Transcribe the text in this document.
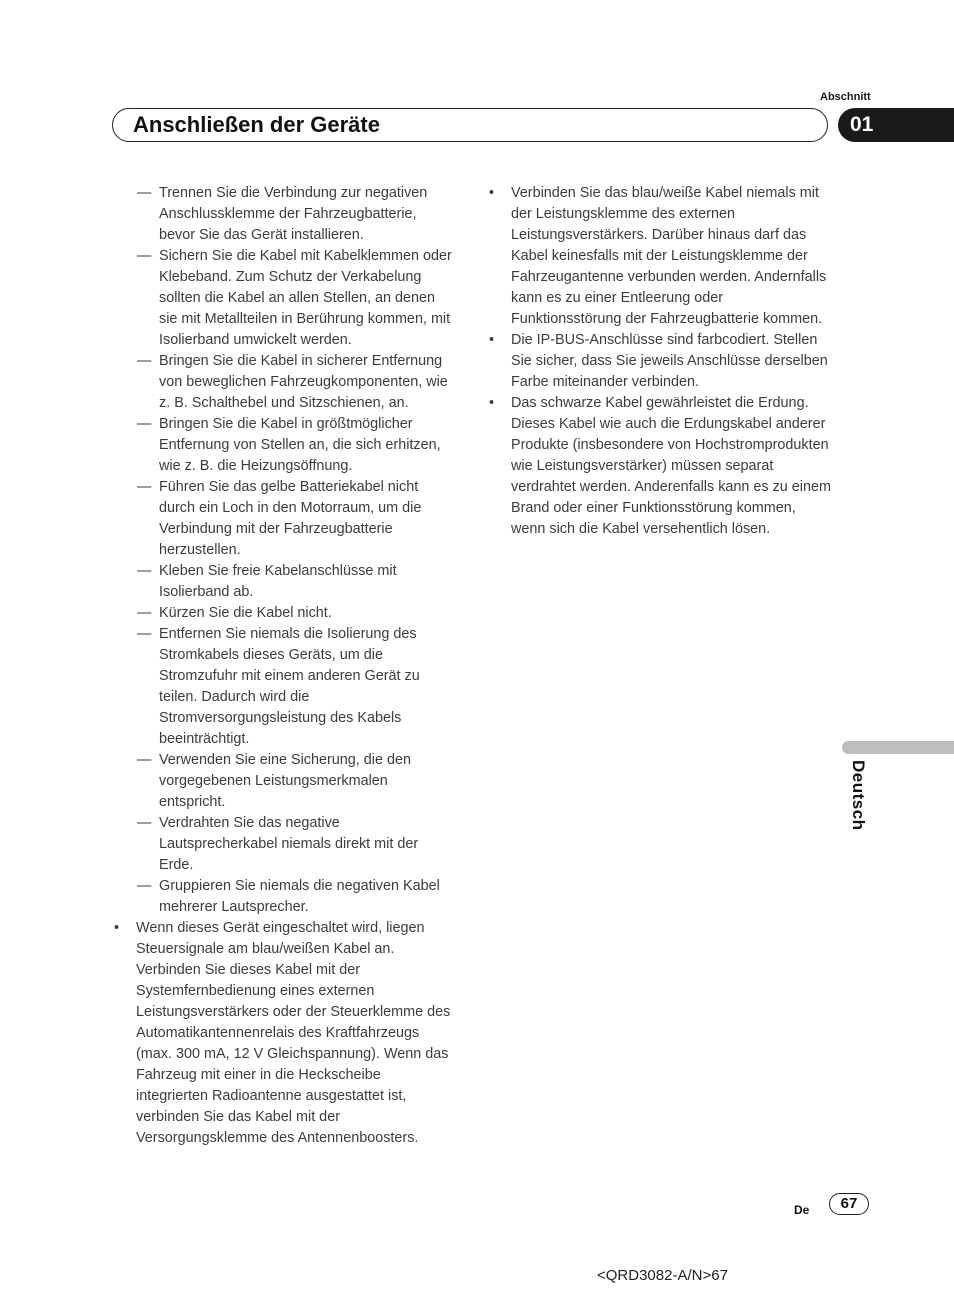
Abschnitt
Anschließen der Geräte	01
— Trennen Sie die Verbindung zur negativen Anschlussklemme der Fahrzeugbatterie, bevor Sie das Gerät installieren.
— Sichern Sie die Kabel mit Kabelklemmen oder Klebeband. Zum Schutz der Verkabelung sollten die Kabel an allen Stellen, an denen sie mit Metallteilen in Berührung kommen, mit Isolierband umwickelt werden.
— Bringen Sie die Kabel in sicherer Entfernung von beweglichen Fahrzeugkomponenten, wie z. B. Schalthebel und Sitzschienen, an.
— Bringen Sie die Kabel in größtmöglicher Entfernung von Stellen an, die sich erhitzen, wie z. B. die Heizungsöffnung.
— Führen Sie das gelbe Batteriekabel nicht durch ein Loch in den Motorraum, um die Verbindung mit der Fahrzeugbatterie herzustellen.
— Kleben Sie freie Kabelanschlüsse mit Isolierband ab.
— Kürzen Sie die Kabel nicht.
— Entfernen Sie niemals die Isolierung des Stromkabels dieses Geräts, um die Stromzufuhr mit einem anderen Gerät zu teilen. Dadurch wird die Stromversorgungsleistung des Kabels beeinträchtigt.
— Verwenden Sie eine Sicherung, die den vorgegebenen Leistungsmerkmalen entspricht.
— Verdrahten Sie das negative Lautsprecherkabel niemals direkt mit der Erde.
— Gruppieren Sie niemals die negativen Kabel mehrerer Lautsprecher.
• Wenn dieses Gerät eingeschaltet wird, liegen Steuersignale am blau/weißen Kabel an. Verbinden Sie dieses Kabel mit der Systemfernbedienung eines externen Leistungsverstärkers oder der Steuerklemme des Automatikantennenrelais des Kraftfahrzeugs (max. 300 mA, 12 V Gleichspannung). Wenn das Fahrzeug mit einer in die Heckscheibe integrierten Radioantenne ausgestattet ist, verbinden Sie das Kabel mit der Versorgungsklemme des Antennenboosters.
• Verbinden Sie das blau/weiße Kabel niemals mit der Leistungsklemme des externen Leistungsverstärkers. Darüber hinaus darf das Kabel keinesfalls mit der Leistungsklemme der Fahrzeugantenne verbunden werden. Andernfalls kann es zu einer Entleerung oder Funktionsstörung der Fahrzeugbatterie kommen.
• Die IP-BUS-Anschlüsse sind farbcodiert. Stellen Sie sicher, dass Sie jeweils Anschlüsse derselben Farbe miteinander verbinden.
• Das schwarze Kabel gewährleistet die Erdung. Dieses Kabel wie auch die Erdungskabel anderer Produkte (insbesondere von Hochstromprodukten wie Leistungsverstärker) müssen separat verdrahtet werden. Anderenfalls kann es zu einem Brand oder einer Funktionsstörung kommen, wenn sich die Kabel versehentlich lösen.
Deutsch
De	67
<QRD3082-A/N>67
